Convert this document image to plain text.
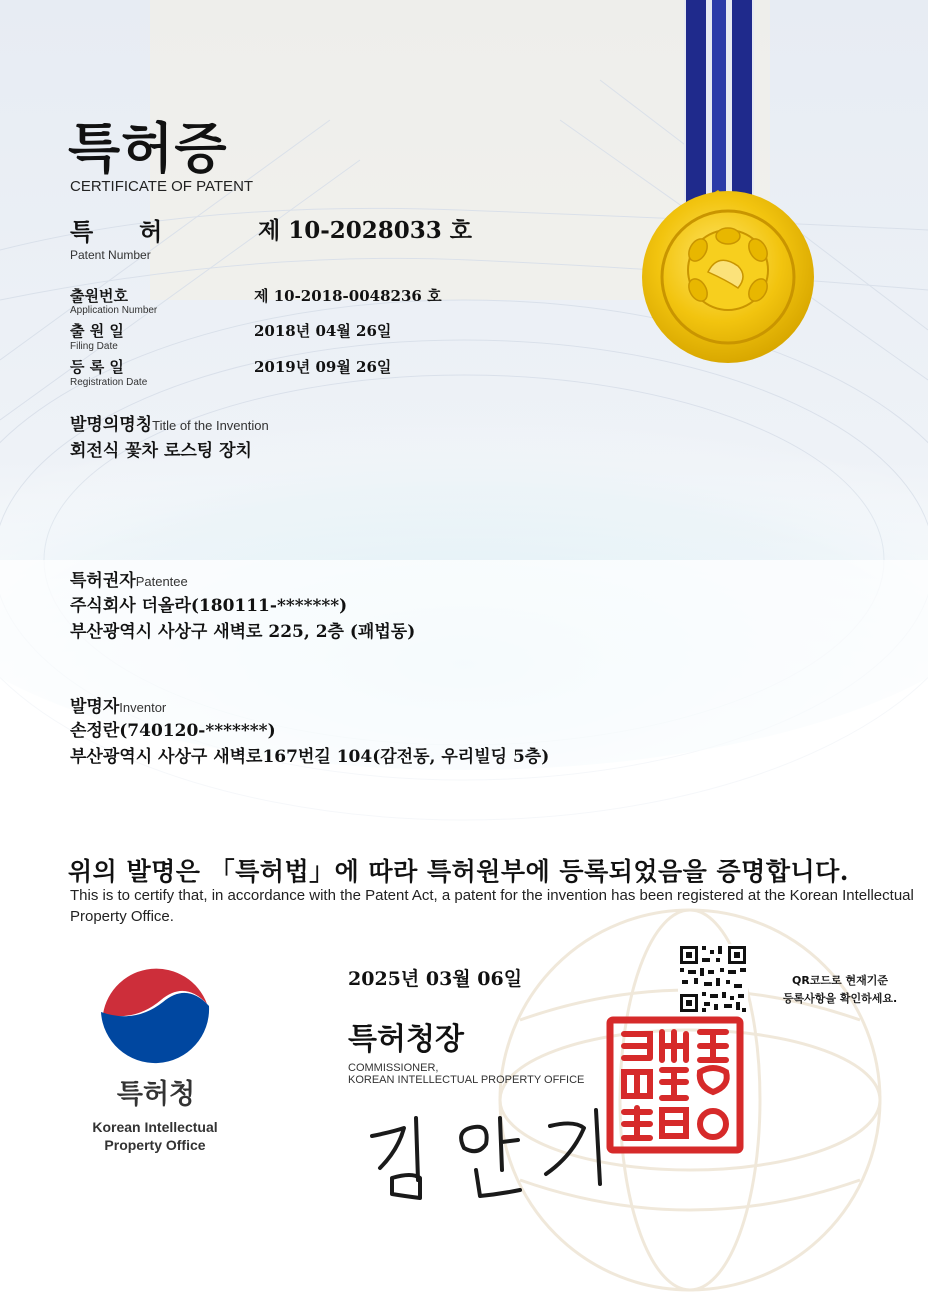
특허증
CERTIFICATE OF PATENT
특허 제 10-2028033 호
Patent Number
출원번호
Application Number
제 10-2018-0048236 호
출 원 일
Filing Date
2018년 04월 26일
등 록 일
Registration Date
2019년 09월 26일
발명의명칭Title of the Invention
회전식 꽃차 로스팅 장치
특허권자Patentee
주식회사 더올라(180111-*******)
부산광역시 사상구 새벽로 225, 2층 (괘법동)
발명자Inventor
손정란(740120-*******)
부산광역시 사상구 새벽로167번길 104(감전동, 우리빌딩 5층)
위의 발명은 「특허법」에 따라 특허원부에 등록되었음을 증명합니다.
This is to certify that, in accordance with the Patent Act, a patent for the invention has been registered at the Korean Intellectual Property Office.
2025년 03월 06일
특허청장
COMMISSIONER,
KOREAN INTELLECTUAL PROPERTY OFFICE
QR코드로 현재기준
등록사항을 확인하세요.
특허청
Korean Intellectual
Property Office
